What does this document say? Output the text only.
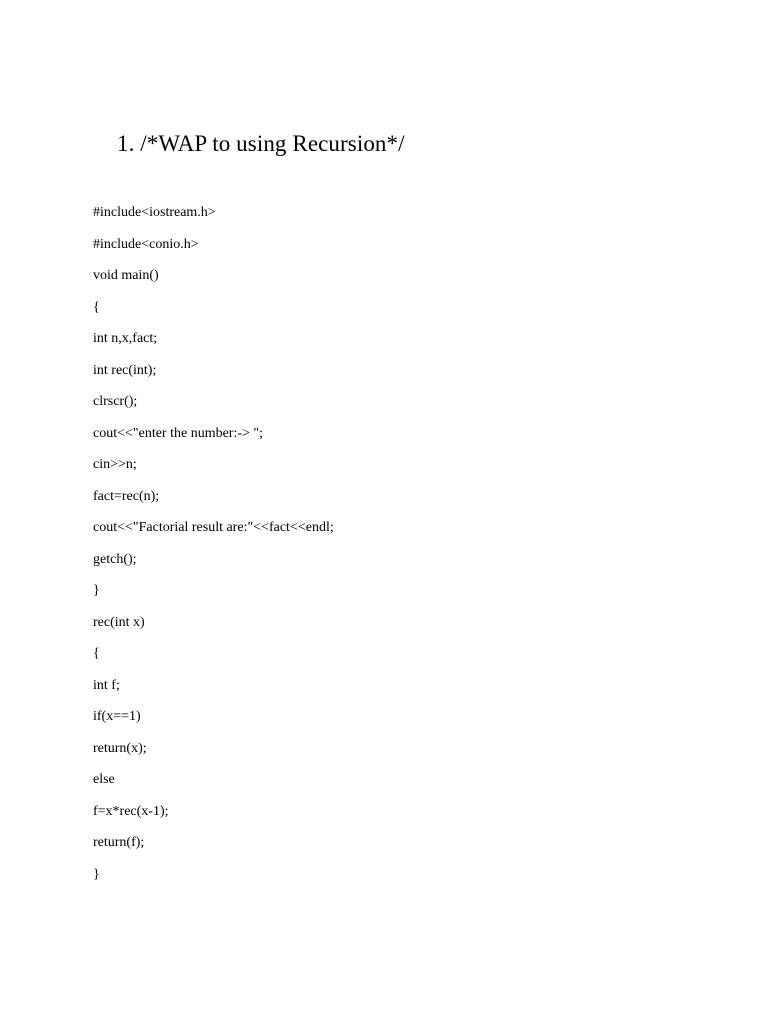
1. /*WAP to using Recursion*/
#include<iostream.h>
#include<conio.h>
void main()
{
int n,x,fact;
int rec(int);
clrscr();
cout<<"enter the number:-> ";
cin>>n;
fact=rec(n);
cout<<"Factorial result are:"<<fact<<endl;
getch();
}
rec(int x)
{
int f;
if(x==1)
return(x);
else
f=x*rec(x-1);
return(f);
}
